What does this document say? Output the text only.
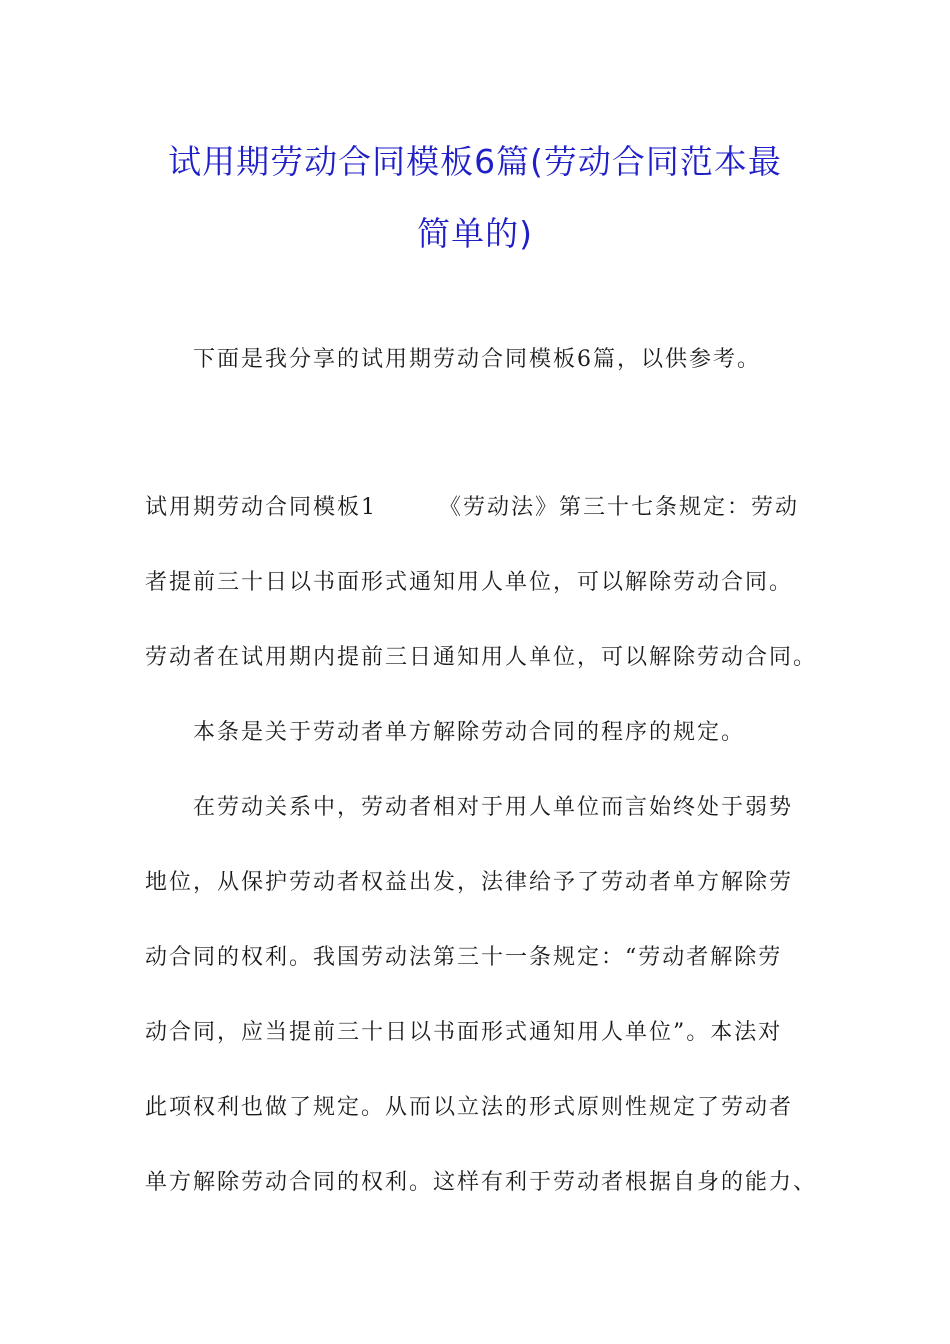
试用期劳动合同模板6篇(劳动合同范本最
简单的)
下面是我分享的试用期劳动合同模板6篇，以供参考。
试用期劳动合同模板1	《劳动法》第三十七条规定：劳动
者提前三十日以书面形式通知用人单位，可以解除劳动合同。
劳动者在试用期内提前三日通知用人单位，可以解除劳动合同。
本条是关于劳动者单方解除劳动合同的程序的规定。
在劳动关系中，劳动者相对于用人单位而言始终处于弱势
地位，从保护劳动者权益出发，法律给予了劳动者单方解除劳
动合同的权利。我国劳动法第三十一条规定：“劳动者解除劳
动合同，应当提前三十日以书面形式通知用人单位”。本法对
此项权利也做了规定。从而以立法的形式原则性规定了劳动者
单方解除劳动合同的权利。这样有利于劳动者根据自身的能力、
